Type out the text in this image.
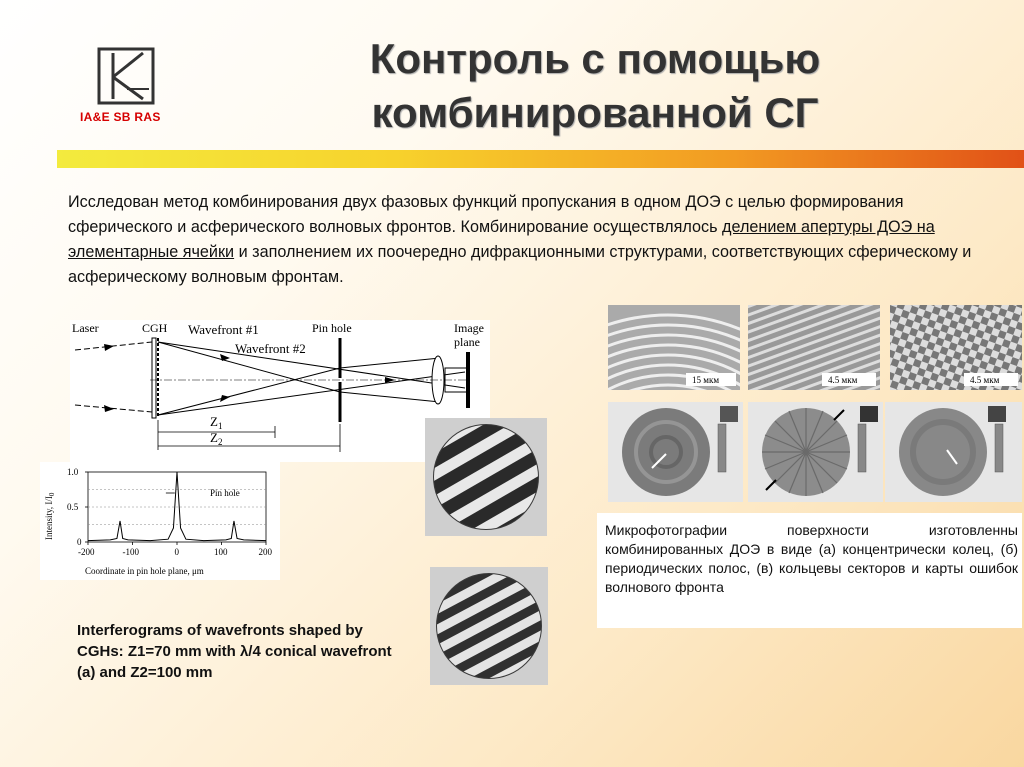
IA&E SB RAS
Контроль с помощью
комбинированной СГ
Исследован метод комбинирования двух фазовых функций пропускания в одном ДОЭ с целью формирования сферического и асферического волновых фронтов. Комбинирование осуществлялось делением апертуры ДОЭ на элементарные ячейки и заполнением их поочередно дифракционными структурами, соответствующих сферическому и асферическому волновым фронтам.
Laser	CGH Wavefront #1
Wavefront #2
Pin hole	Image
plane
$Z_1$
$Z_2$
-200	-100	0	100	200
0
0.5
1.0
Pin hole
Coordinate in pin hole plane, μm
Intensity, $I/I_0$
15 мкм	4.5 мкм	4.5 мкм
Interferograms of wavefronts shaped by CGHs: Z1=70 mm with λ/4 conical wavefront (a) and Z2=100 mm

Микрофотографии поверхности изготовленны комбинированных ДОЭ в виде (а) концентрически колец, (б) периодических полос, (в) кольцевы секторов и карты ошибок волнового фронта
